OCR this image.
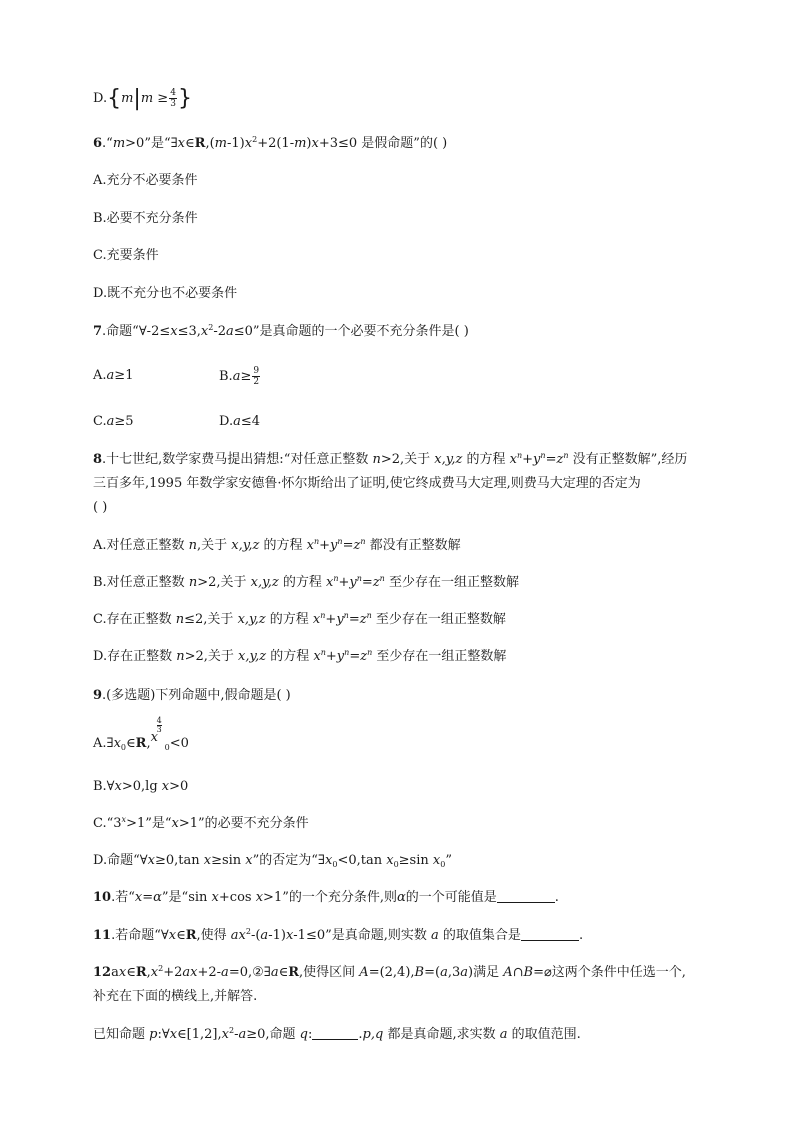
$D.\{m|m \ge \frac{4}{3}$ }
6.“m>0”是“$\exists x\in R,(m-1)x^2+2(1-m)x+3\le 0$ 是假命题”的( )
A.充分不必要条件
B.必要不充分条件
C.充要条件
D.既不充分也不必要条件
7.命题“$\forall-2\le x\le 3,x^2-2a\le 0$”是真命题的一个必要不充分条件是( )
A.a≥1	$B.a\ge \frac{9}{2}$
C.a≥5	D.a≤4
8.十七世纪,数学家费马提出猜想:“对任意正整数 n>2,关于 x,y,z 的方程 $x^n+y^n=z^n$ 没有正整数解”,经历
三百多年,1995 年数学家安德鲁·怀尔斯给出了证明,使它终成费马大定理,则费马大定理的否定为
( )
A.对任意正整数 n,关于 x,y,z 的方程 $x^n+y^n=z^n$ 都没有正整数解
B.对任意正整数 n>2,关于 x,y,z 的方程 $x^n+y^n=z^n$ 至少存在一组正整数解
C.存在正整数 n≤2,关于 x,y,z 的方程 $x^n+y^n=z^n$ 至少存在一组正整数解
D.存在正整数 n>2,关于 x,y,z 的方程 $x^n+y^n=z^n$ 至少存在一组正整数解
9.(多选题)下列命题中,假命题是( )
$A.\exists x_0\in R$, x
4
3
$_0$<0
B.∀x>0,lg x>0
$C.“3^x>1$”是“x>1”的必要不充分条件
D.命题“∀x≥0,tan x≥sin x”的否定为“$\exists x_0<0,\tan$ $x_0\ge\sin$ $x_0$”
10.若“x=α”是“sin x+cos x>1”的一个充分条件,则α的一个可能值是	.
11.若命题“∀x∈R,使得 $ax^2-(a-1)x-1\le 0$”是真命题,则实数 a 的取值集合是	.
$12ax\in R,x^2+2ax+2-a=0,②\exists a\in R$,使得区间 A=(2,4),B=(a,3a)满足 A∩B=⌀这两个条件中任选一个,
补充在下面的横线上,并解答.
已知命题 $p:\forall x\in[1,2],x^2-a\ge 0$,命题 q:	.p,q 都是真命题,求实数 a 的取值范围.
